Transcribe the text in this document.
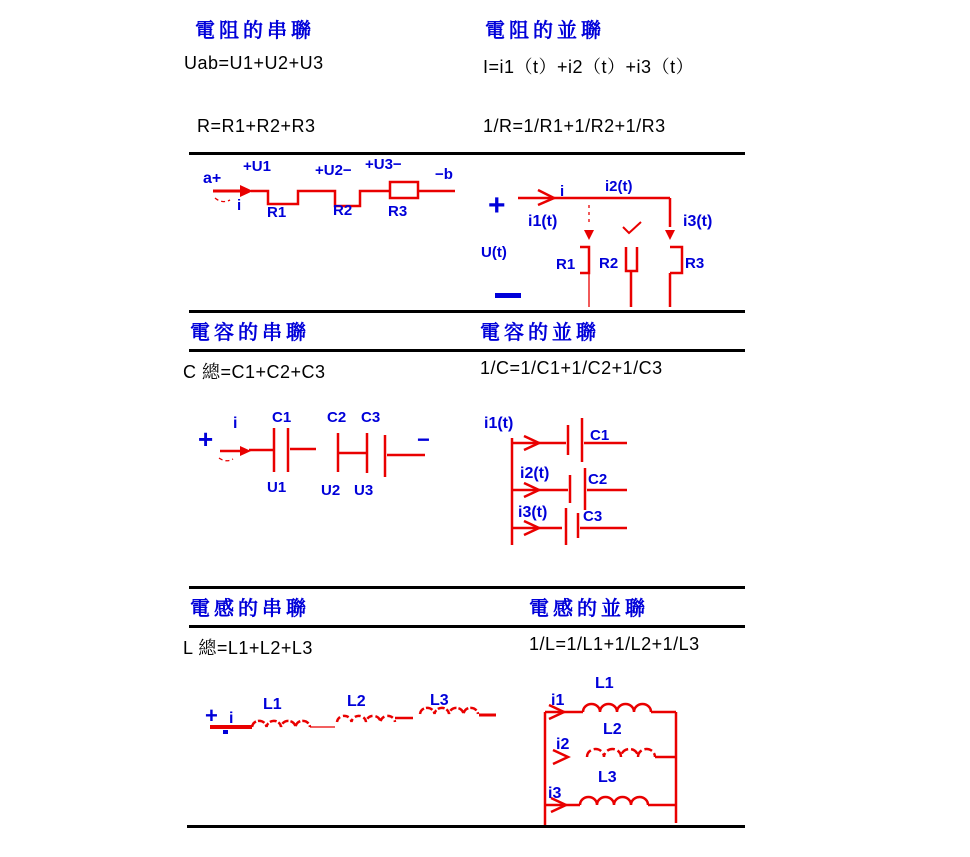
電阻的串聯	電阻的並聯
Uab=U1+U2+U3	I=i1（t）+i2（t）+i3（t）
R=R1+R2+R3	1/R=1/R1+1/R2+1/R3
a+
+U1	+U2− +U3−
−b
i R1	R2 R3	+	i	i2(t)
i1(t)	i3(t)
U(t)
R1 R2	R3
電容的串聯	電容的並聯
C 總=C1+C2+C3	1/C=1/C1+1/C2+1/C3
+
i C1 C2 C3
U1 U2 U3
−
i1(t)
C1
i2(t)	C2
i3(t) C3
電感的串聯	電感的並聯
L 總=L1+L2+L3	1/L=1/L1+1/L2+1/L3
+ i
L1	L2	L3
L1
i1
L2
i2
L3
i3
